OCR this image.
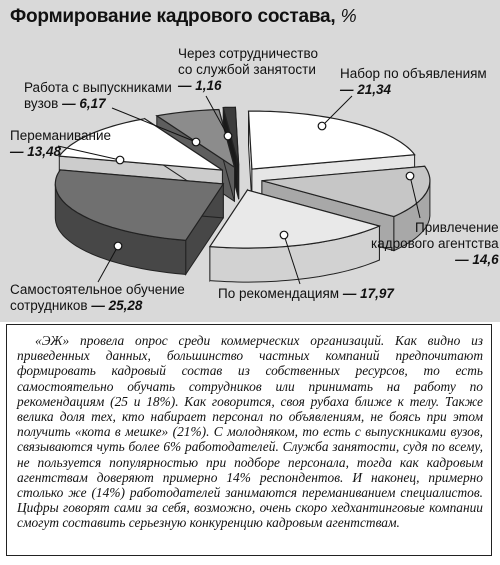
Формирование кадрового состава, %
Набор по объявлениям
— 21,34
Привлечение
кадрового агентства
— 14,6
По рекомендациям — 17,97
Самостоятельное обучение
сотрудников — 25,28
Переманивание
— 13,48
Работа с выпускниками
вузов — 6,17
Через сотрудничество
со службой занятости
— 1,16

«ЭЖ» провела опрос среди коммерческих организаций. Как видно из приведенных данных, большинство частных компаний предпочитают формировать кадровый состав из собственных ресурсов, то есть самостоятельно обучать сотрудников или принимать на работу по рекомендациям (25 и 18%). Как говорится, своя рубаха ближе к телу. Также велика доля тех, кто набирает персонал по объявлениям, не боясь при этом получить «кота в мешке» (21%). С молодняком, то есть с выпускниками вузов, связываются чуть более 6% работодателей. Служба занятости, судя по всему, не пользуется популярностью при подборе персонала, тогда как кадровым агентствам доверяют примерно 14% респондентов. И наконец, примерно столько же (14%) работодателей занимаются переманиванием специалистов. Цифры говорят сами за себя, возможно, очень скоро хедхантинговые компании смогут составить серьезную конкуренцию кадровым агентствам.
